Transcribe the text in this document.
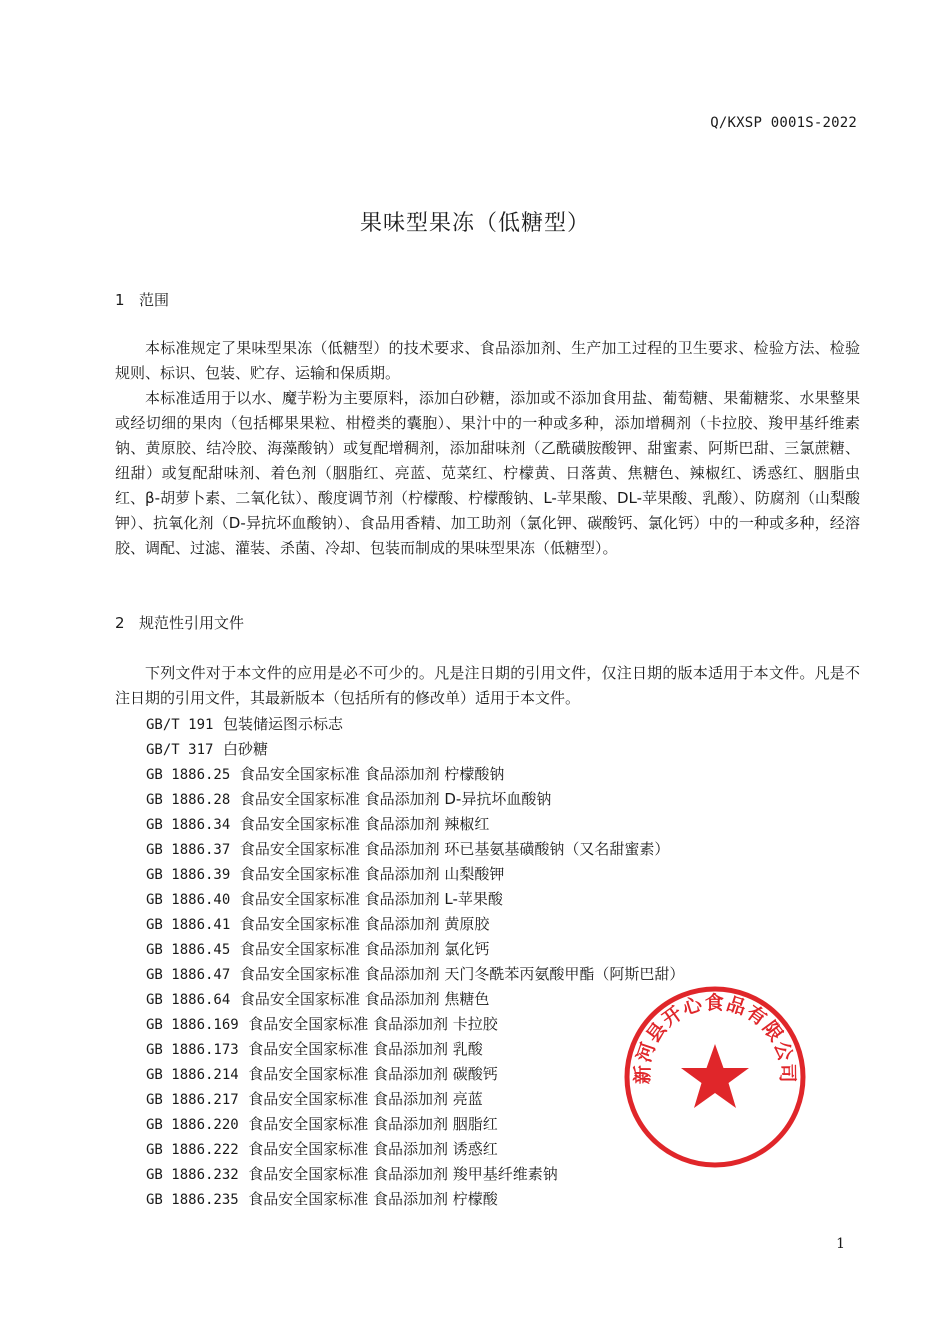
Q/KXSP 0001S-2022
果味型果冻（低糖型）
1 范围

本标准规定了果味型果冻（低糖型）的技术要求、食品添加剂、生产加工过程的卫生要求、检验方法、检验规则、标识、包装、贮存、运输和保质期。

本标准适用于以水、魔芋粉为主要原料，添加白砂糖，添加或不添加食用盐、葡萄糖、果葡糖浆、水果整果或经切细的果肉（包括椰果果粒、柑橙类的囊胞）、果汁中的一种或多种，添加增稠剂（卡拉胶、羧甲基纤维素钠、黄原胶、结冷胶、海藻酸钠）或复配增稠剂，添加甜味剂（乙酰磺胺酸钾、甜蜜素、阿斯巴甜、三氯蔗糖、纽甜）或复配甜味剂、着色剂（胭脂红、亮蓝、苋菜红、柠檬黄、日落黄、焦糖色、辣椒红、诱惑红、胭脂虫红、β-胡萝卜素、二氧化钛）、酸度调节剂（柠檬酸、柠檬酸钠、L-苹果酸、DL-苹果酸、乳酸）、防腐剂（山梨酸钾）、抗氧化剂（D-异抗坏血酸钠）、食品用香精、加工助剂（氯化钾、碳酸钙、氯化钙）中的一种或多种，经溶胶、调配、过滤、灌装、杀菌、冷却、包装而制成的果味型果冻（低糖型）。

2 规范性引用文件

下列文件对于本文件的应用是必不可少的。凡是注日期的引用文件，仅注日期的版本适用于本文件。凡是不注日期的引用文件，其最新版本（包括所有的修改单）适用于本文件。

GB/T 191 包装储运图示标志
GB/T 317 白砂糖
GB 1886.25 食品安全国家标准 食品添加剂 柠檬酸钠
GB 1886.28 食品安全国家标准 食品添加剂 D-异抗坏血酸钠
GB 1886.34 食品安全国家标准 食品添加剂 辣椒红
GB 1886.37 食品安全国家标准 食品添加剂 环已基氨基磺酸钠（又名甜蜜素）
GB 1886.39 食品安全国家标准 食品添加剂 山梨酸钾
GB 1886.40 食品安全国家标准 食品添加剂 L-苹果酸
GB 1886.41 食品安全国家标准 食品添加剂 黄原胶
GB 1886.45 食品安全国家标准 食品添加剂 氯化钙
GB 1886.47 食品安全国家标准 食品添加剂 天门冬酰苯丙氨酸甲酯（阿斯巴甜）
GB 1886.64 食品安全国家标准 食品添加剂 焦糖色
GB 1886.169 食品安全国家标准 食品添加剂 卡拉胶
GB 1886.173 食品安全国家标准 食品添加剂 乳酸
GB 1886.214 食品安全国家标准 食品添加剂 碳酸钙
GB 1886.217 食品安全国家标准 食品添加剂 亮蓝
GB 1886.220 食品安全国家标准 食品添加剂 胭脂红
GB 1886.222 食品安全国家标准 食品添加剂 诱惑红
GB 1886.232 食品安全国家标准 食品添加剂 羧甲基纤维素钠
GB 1886.235 食品安全国家标准 食品添加剂 柠檬酸
新河县开心食品有限公司
1
